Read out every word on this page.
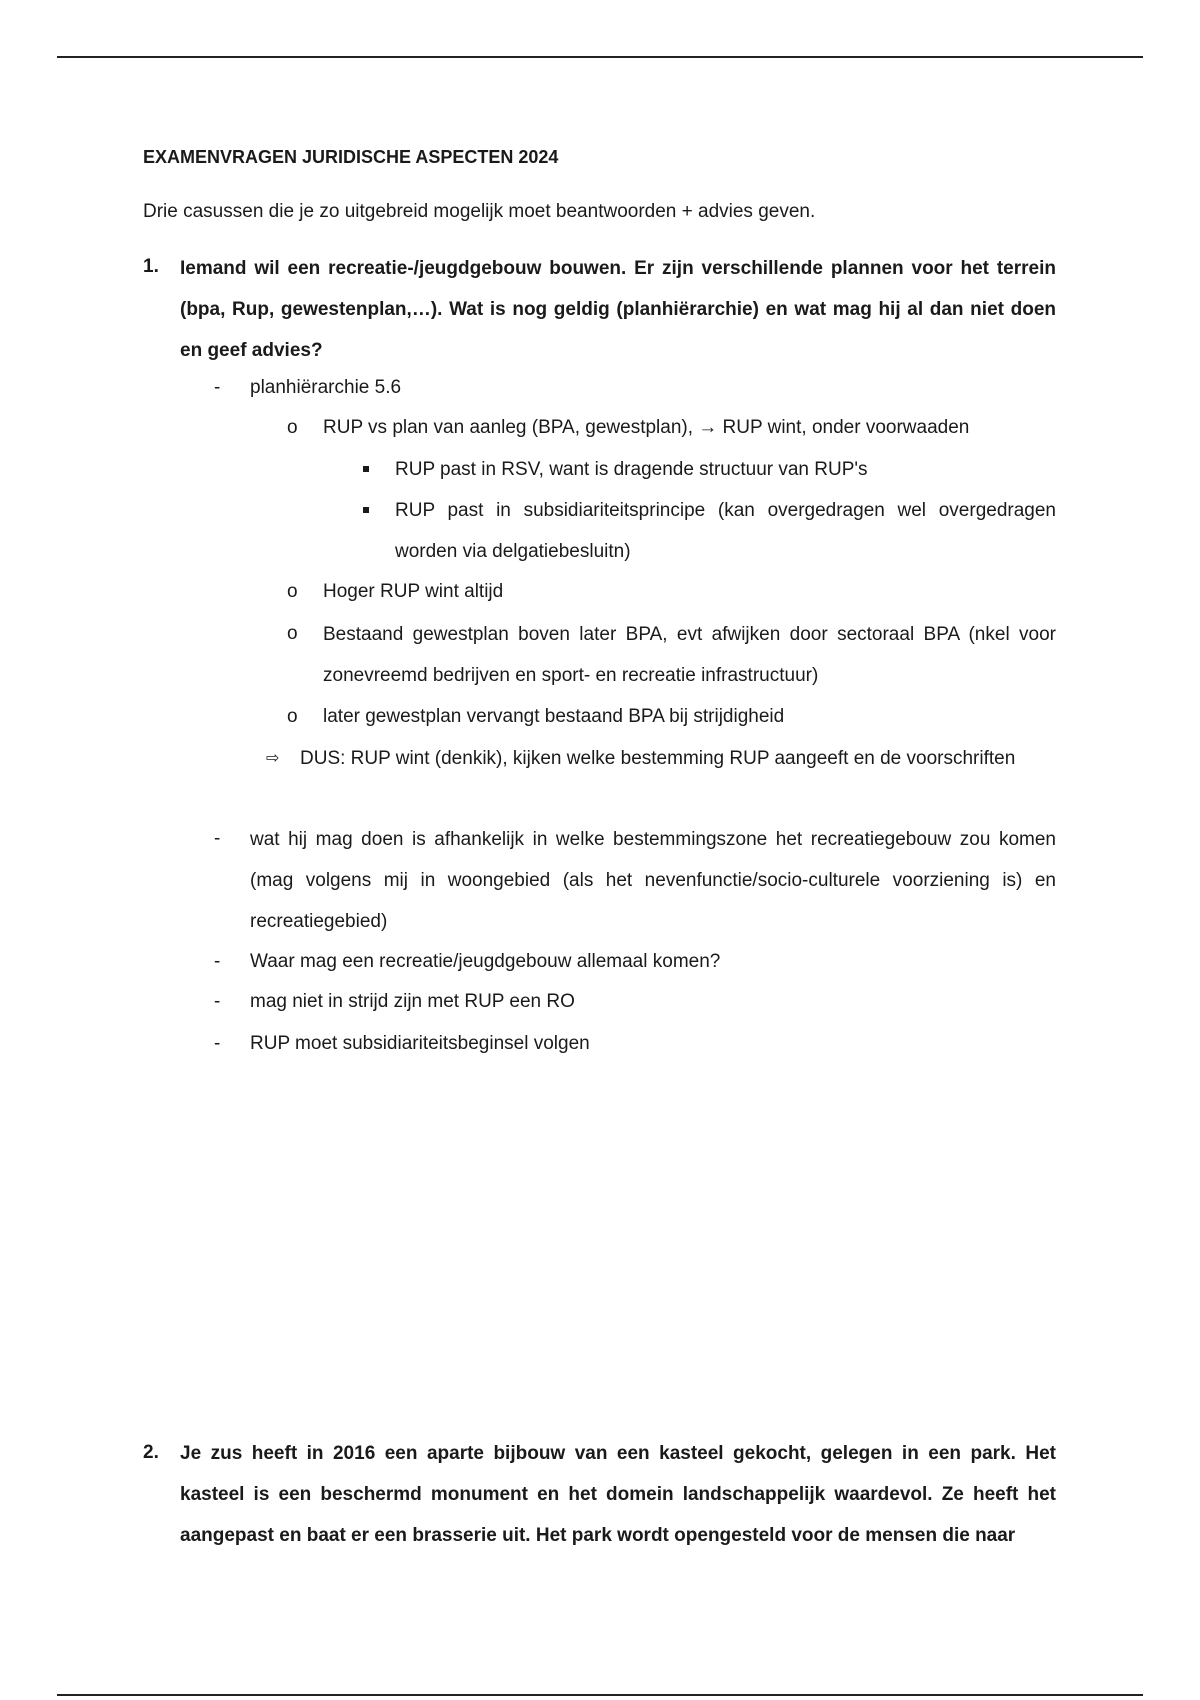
EXAMENVRAGEN JURIDISCHE ASPECTEN 2024
Drie casussen die je zo uitgebreid mogelijk moet beantwoorden + advies geven.
1. Iemand wil een recreatie-/jeugdgebouw bouwen. Er zijn verschillende plannen voor het terrein (bpa, Rup, gewestenplan,…). Wat is nog geldig (planhiërarchie) en wat mag hij al dan niet doen en geef advies?

- planhiërarchie 5.6
o RUP vs plan van aanleg (BPA, gewestplan), → RUP wint, onder voorwaaden
RUP past in RSV, want is dragende structuur van RUP's

RUP past in subsidiariteitsprincipe (kan overgedragen wel overgedragen worden via delgatiebesluitn)

o Hoger RUP wint altijd
o Bestaand gewestplan boven later BPA, evt afwijken door sectoraal BPA (nkel voor zonevreemd bedrijven en sport- en recreatie infrastructuur)

o later gewestplan vervangt bestaand BPA bij strijdigheid
⇨ DUS: RUP wint (denkik), kijken welke bestemming RUP aangeeft en de voorschriften
- wat hij mag doen is afhankelijk in welke bestemmingszone het recreatiegebouw zou komen (mag volgens mij in woongebied (als het nevenfunctie/socio-culturele voorziening is) en recreatiegebied)

- Waar mag een recreatie/jeugdgebouw allemaal komen?
- mag niet in strijd zijn met RUP een RO
- RUP moet subsidiariteitsbeginsel volgen
2. Je zus heeft in 2016 een aparte bijbouw van een kasteel gekocht, gelegen in een park. Het kasteel is een beschermd monument en het domein landschappelijk waardevol. Ze heeft het aangepast en baat er een brasserie uit. Het park wordt opengesteld voor de mensen die naar
